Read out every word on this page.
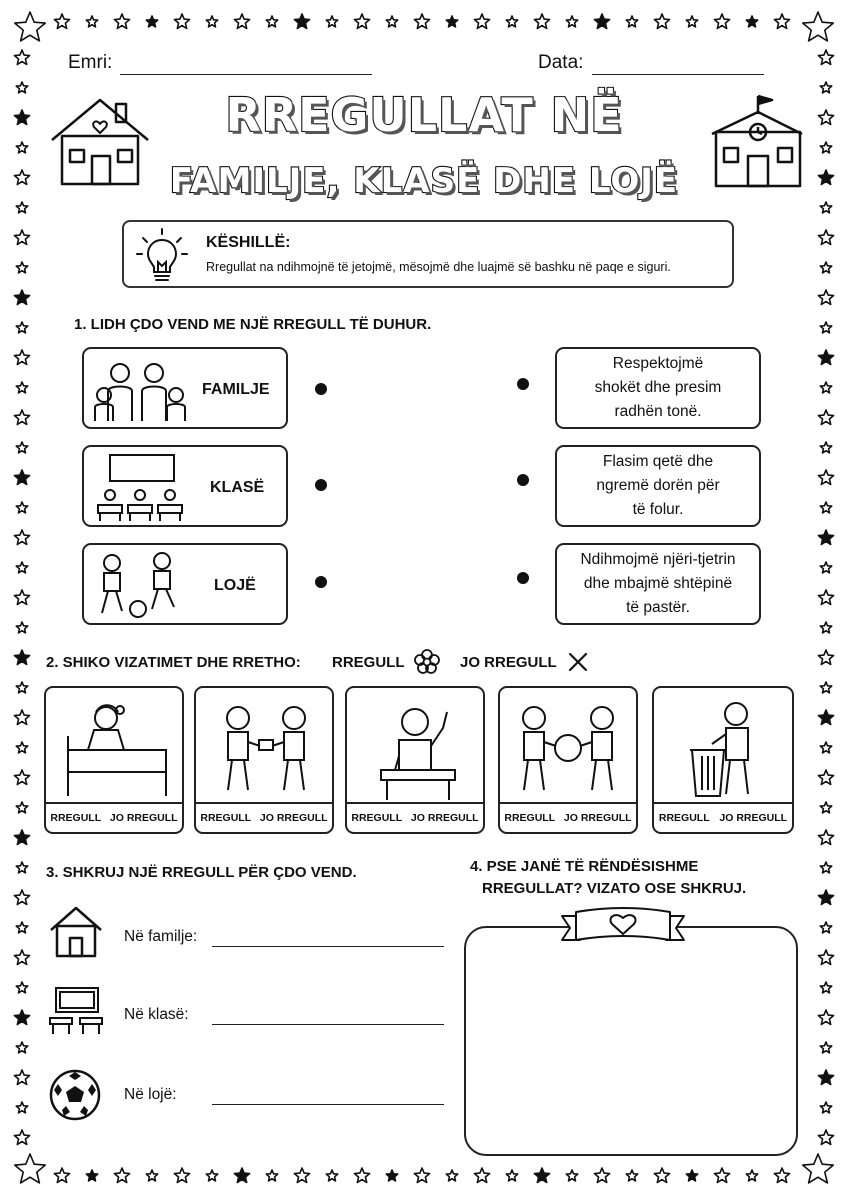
Emri:	Data:
RREGULLAT NË
FAMILJE, KLASË DHE LOJË
KËSHILLË:
Rregullat na ndihmojnë të jetojmë, mësojmë dhe luajmë së bashku në paqe e siguri.
1. LIDH ÇDO VEND ME NJË RREGULL TË DUHUR.
FAMILJE
KLASË
LOJË
Respektojmë
shokët dhe presim
radhën tonë.
Flasim qetë dhe
ngremë dorën për
të folur.
Ndihmojmë njëri-tjetrin
dhe mbajmë shtëpinë
të pastër.
2. SHIKO VIZATIMET DHE RRETHO: RREGULL	JO RREGULL
RREGULL JO RREGULL RREGULL JO RREGULL RREGULL JO RREGULL RREGULL JO RREGULL	RREGULL JO RREGULL
3. SHKRUJ NJË RREGULL PËR ÇDO VEND.
Në familje:
Në klasë:
Në lojë:
4. PSE JANË TË RËNDËSISHME
RREGULLAT? VIZATO OSE SHKRUJ.
